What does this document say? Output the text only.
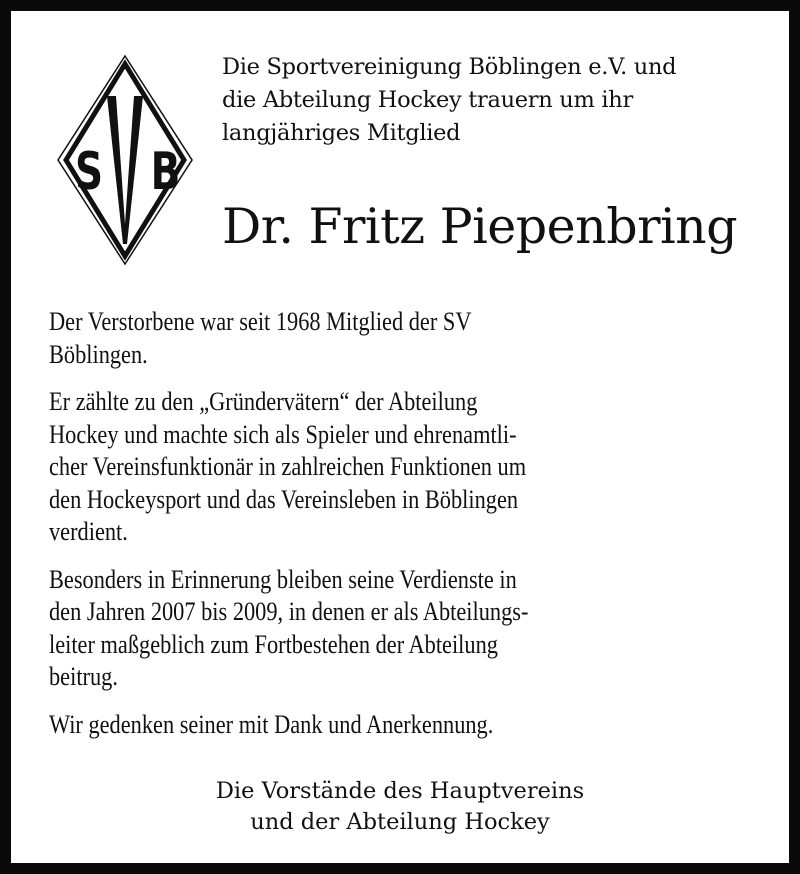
S B
Die Sportvereinigung Böblingen e.V. und
die Abteilung Hockey trauern um ihr
langjähriges Mitglied
Dr. Fritz Piepenbring

Der Verstorbene war seit 1968 Mitglied der SV
Böblingen.

Er zählte zu den „Gründervätern“ der Abteilung
Hockey und machte sich als Spieler und ehrenamtli-
cher Vereinsfunktionär in zahlreichen Funktionen um
den Hockeysport und das Vereinsleben in Böblingen
verdient.

Besonders in Erinnerung bleiben seine Verdienste in
den Jahren 2007 bis 2009, in denen er als Abteilungs-
leiter maßgeblich zum Fortbestehen der Abteilung
beitrug.

Wir gedenken seiner mit Dank und Anerkennung.

Die Vorstände des Hauptvereins
und der Abteilung Hockey
